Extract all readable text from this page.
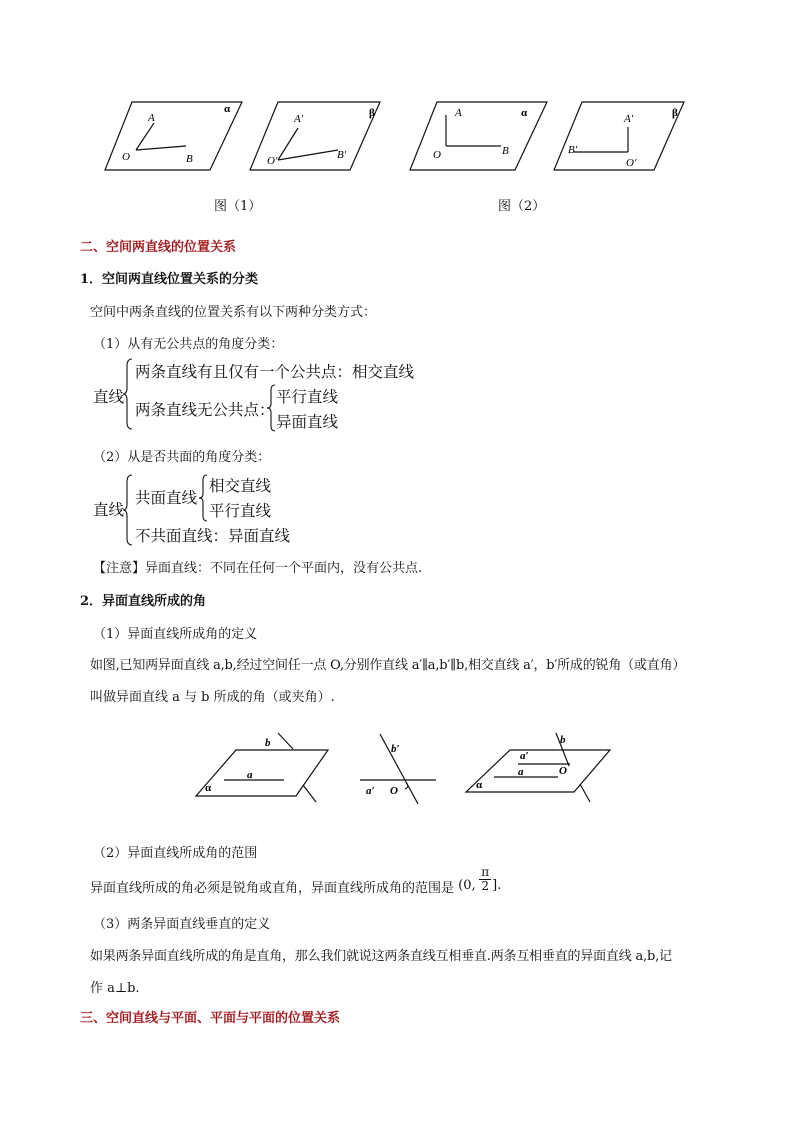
A
O	B
α
A′
O′	B′
β	A
O	B
α	A′
B′
O′
β
图（1）	图（2）
二、空间两直线的位置关系
1．空间两直线位置关系的分类
空间中两条直线的位置关系有以下两种分类方式：
（1）从有无公共点的角度分类：
直线
两条直线有且仅有一个公共点：相交直线
两条直线无公共点：
平行直线
异面直线
（2）从是否共面的角度分类：
直线
共面直线
相交直线
平行直线
不共面直线：异面直线
【注意】异面直线：不同在任何一个平面内，没有公共点.
2．异面直线所成的角
（1）异面直线所成角的定义
如图,已知两异面直线 a,b,经过空间任一点 O,分别作直线 a′∥a,b′∥b,相交直线 a′，b′所成的锐角（或直角）
叫做异面直线 a 与 b 所成的角（或夹角）.
a
b
α
b′
a′ O
a′
a
b
O
α
（2）异面直线所成角的范围
异面直线所成的角必须是锐角或直角，异面直线所成角的范围是 (0,
π
2 ].
（3）两条异面直线垂直的定义
如果两条异面直线所成的角是直角，那么我们就说这两条直线互相垂直.两条互相垂直的异面直线 a,b,记
作 a⊥b.
三、空间直线与平面、平面与平面的位置关系
